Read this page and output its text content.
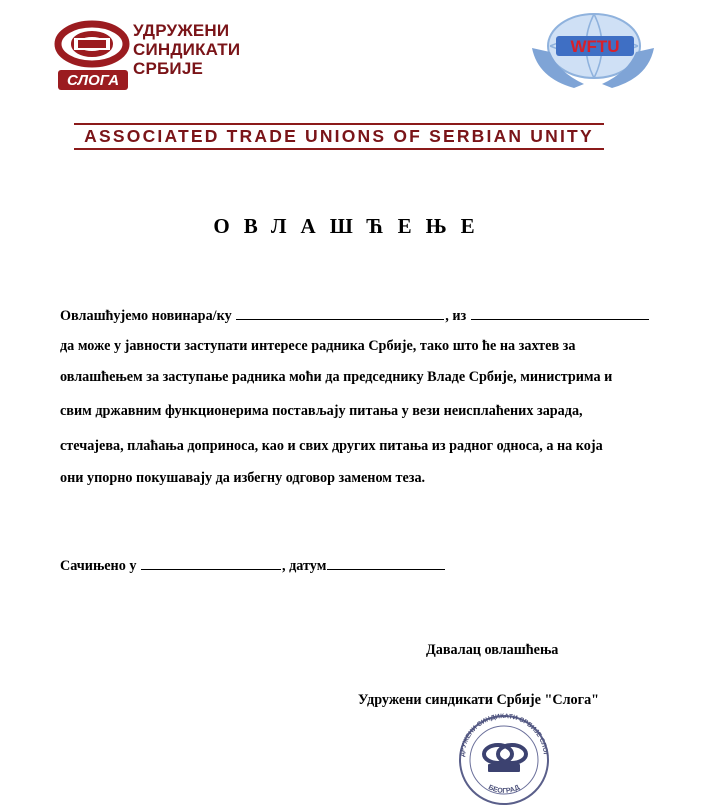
СЛОГА
УДРУЖЕНИ
СИНДИКАТИ
СРБИЈЕ
WFTU
ASSOCIATED TRADE UNIONS OF SERBIAN UNITY
ОВЛАШЋЕЊЕ
Овлашћујемо новинара/ку	, из
да може у јавности заступати интересе радника Србије, тако што ће на захтев за
овлашћењем за заступање радника моћи да председнику Владе Србије, министрима и
свим државним функционерима постављају питања у вези неисплаћених зарада,
стечајева, плаћања доприноса, као и свих других питања из радног односа, а на која
они упорно покушавају да избегну одговор заменом теза.
Сачињено у	, датум
Давалац овлашћења
Удружени синдикати Србије "Слога"
ДРУЖЕНИ СИНДИКАТИ СРБИЈЕ СЛОГ
БЕОГРАД
